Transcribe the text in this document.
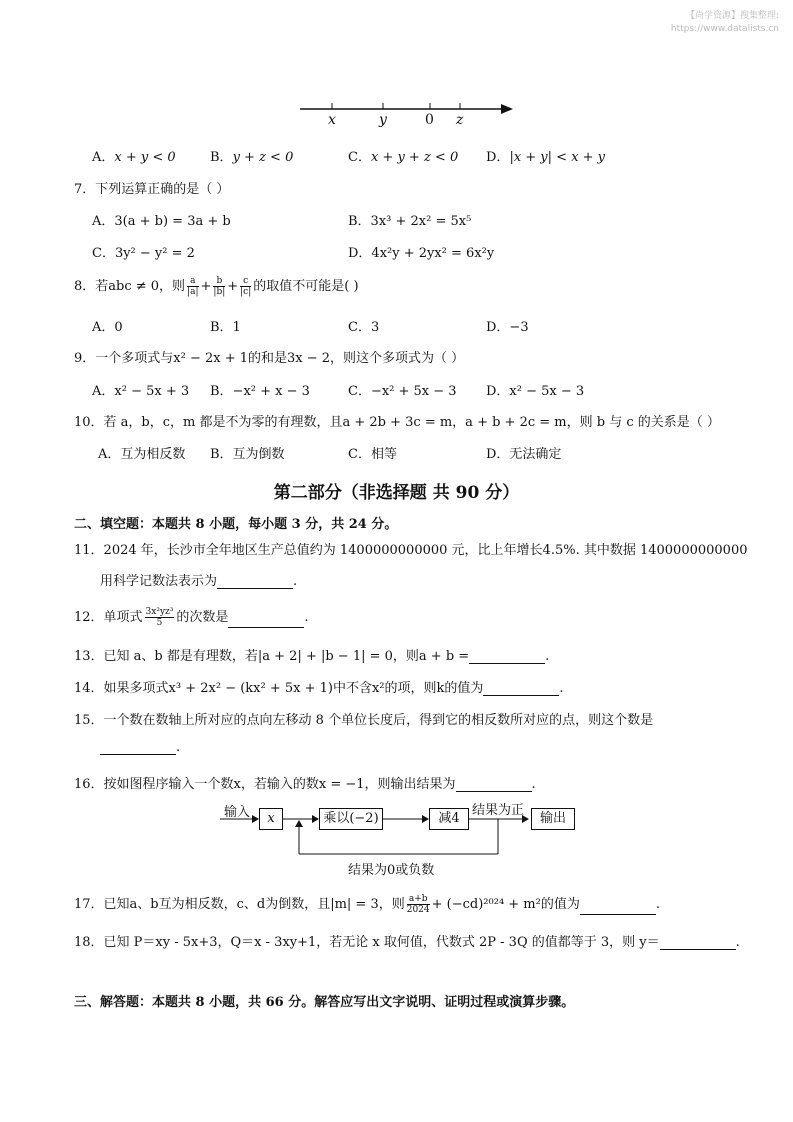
【尚学资源】搜集整理:
https://www.datalists.cn
x	y	0 z
A．x + y < 0	B．y + z < 0	C．x + y + z < 0 D．|x + y| < x + y
7．下列运算正确的是（ ）
A．3(a + b) = 3a + b	B．3x³ + 2x² = 5x⁵
C．3y² − y² = 2	D．4x²y + 2yx² = 6x²y
8．若abc ≠ 0，则 $\frac{a}{|a|} + \frac{b}{|b|} + \frac{c}{|c|}$ 的取值不可能是( )
A．0	B．1	C．3	D．−3
9．一个多项式与x² − 2x + 1的和是3x − 2，则这个多项式为（ ）
A．x² − 5x + 3 B．−x² + x − 3	C．−x² + 5x − 3 D．x² − 5x − 3
10．若 a，b，c，m 都是不为零的有理数，且a + 2b + 3c = m，a + b + 2c = m，则 b 与 c 的关系是（ ）
A．互为相反数 B．互为倒数	C．相等	D．无法确定
第二部分（非选择题 共 90 分）
二、填空题：本题共 8 小题，每小题 3 分，共 24 分。
11．2024 年，长沙市全年地区生产总值约为 1400000000000 元，比上年增长4.5%. 其中数据 1400000000000
用科学记数法表示为	.
12．单项式 $\frac{\text{3x²yz³}}{5}$ 的次数是	.
13．已知 a、b 都是有理数，若|a + 2| + |b − 1| = 0，则a + b =	.
14．如果多项式x³ + 2x² − (kx² + 5x + 1)中不含x²的项，则k的值为	.
15．一个数在数轴上所对应的点向左移动 8 个单位长度后，得到它的相反数所对应的点，则这个数是
.
16．按如图程序输入一个数x，若输入的数x = −1，则输出结果为	.
输入	x	乘以(−2)	减4
结果为正
输出
结果为0或负数
17．已知a、b互为相反数，c、d为倒数，且|m| = 3，则 $\frac{a+b}{2024} + (-cd)^{2024} + m^2$的值为	.
18．已知 P＝xy - 5x+3，Q＝x - 3xy+1，若无论 x 取何值，代数式 2P - 3Q 的值都等于 3，则 y＝	.
三、解答题：本题共 8 小题，共 66 分。解答应写出文字说明、证明过程或演算步骤。
